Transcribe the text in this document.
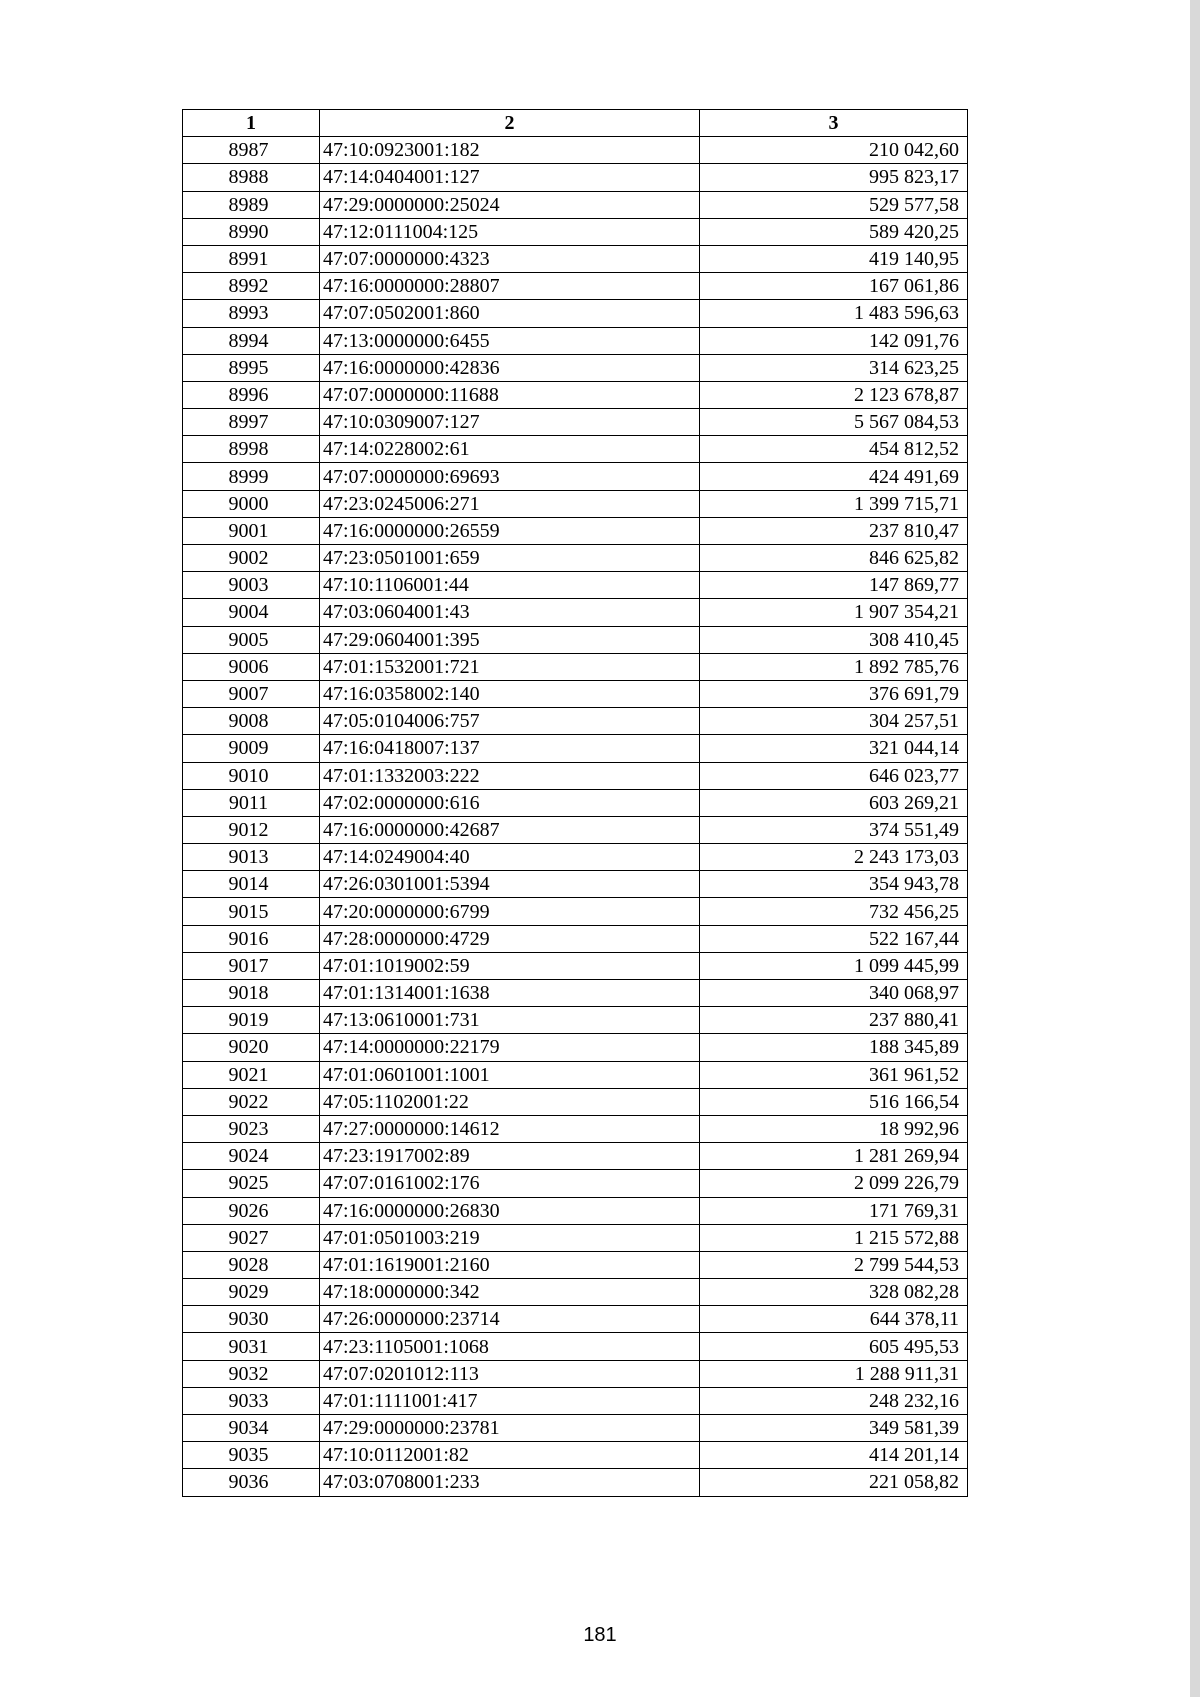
1	2	3
8987	47:10:0923001:182	210 042,60
8988	47:14:0404001:127	995 823,17
8989	47:29:0000000:25024	529 577,58
8990	47:12:0111004:125	589 420,25
8991	47:07:0000000:4323	419 140,95
8992	47:16:0000000:28807	167 061,86
8993	47:07:0502001:860	1 483 596,63
8994	47:13:0000000:6455	142 091,76
8995	47:16:0000000:42836	314 623,25
8996	47:07:0000000:11688	2 123 678,87
8997	47:10:0309007:127	5 567 084,53
8998	47:14:0228002:61	454 812,52
8999	47:07:0000000:69693	424 491,69
9000	47:23:0245006:271	1 399 715,71
9001	47:16:0000000:26559	237 810,47
9002	47:23:0501001:659	846 625,82
9003	47:10:1106001:44	147 869,77
9004	47:03:0604001:43	1 907 354,21
9005	47:29:0604001:395	308 410,45
9006	47:01:1532001:721	1 892 785,76
9007	47:16:0358002:140	376 691,79
9008	47:05:0104006:757	304 257,51
9009	47:16:0418007:137	321 044,14
9010	47:01:1332003:222	646 023,77
9011	47:02:0000000:616	603 269,21
9012	47:16:0000000:42687	374 551,49
9013	47:14:0249004:40	2 243 173,03
9014	47:26:0301001:5394	354 943,78
9015	47:20:0000000:6799	732 456,25
9016	47:28:0000000:4729	522 167,44
9017	47:01:1019002:59	1 099 445,99
9018	47:01:1314001:1638	340 068,97
9019	47:13:0610001:731	237 880,41
9020	47:14:0000000:22179	188 345,89
9021	47:01:0601001:1001	361 961,52
9022	47:05:1102001:22	516 166,54
9023	47:27:0000000:14612	18 992,96
9024	47:23:1917002:89	1 281 269,94
9025	47:07:0161002:176	2 099 226,79
9026	47:16:0000000:26830	171 769,31
9027	47:01:0501003:219	1 215 572,88
9028	47:01:1619001:2160	2 799 544,53
9029	47:18:0000000:342	328 082,28
9030	47:26:0000000:23714	644 378,11
9031	47:23:1105001:1068	605 495,53
9032	47:07:0201012:113	1 288 911,31
9033	47:01:1111001:417	248 232,16
9034	47:29:0000000:23781	349 581,39
9035	47:10:0112001:82	414 201,14
9036	47:03:0708001:233	221 058,82
181
